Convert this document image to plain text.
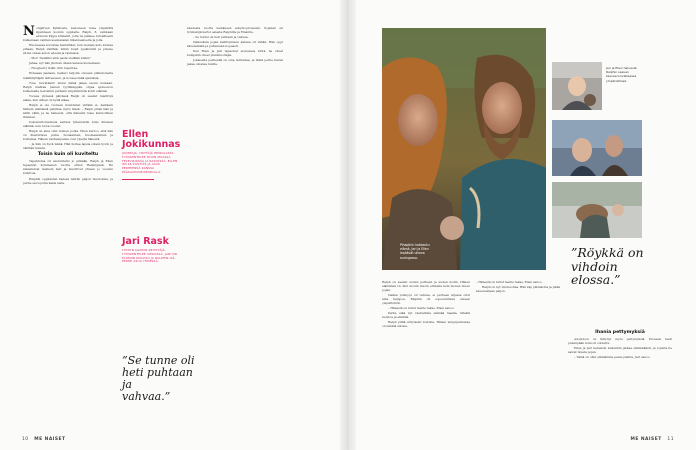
Norsjärven Kyläkoulu, kehoiseen tulee ympärillä sijainneen koulun oppilaita. Ralph, 8, vaikkaan elokuun Pippa kinnaliit, jotta ne pääsee turvallisesti kulkemaan vanhan asemanalan liikennealueita ja jolla.

Huoneessa korostaa henkiliiket, kun vieraan auto kuutaa pihaan. Ralph välittää, mihin kupit pysäköivät ja pitelee sitten oksaa auton edessä ja rauhassa.

– Moi! Tiedätkö sinä pasta vieläkin kiinni?

Jahaa, nyt hän jäi ihan ollaan kanssa kuulemaan.

– Huogkerry tiskit, lilin nuputtaa.

Hokaaaa jaanaan, kaikeri tarjolla olevaan pikkukoneita mallikäyttäjän laitteeseen, ja nousee lisää ajatuksia.

Tule, moratilani! mutei kämä jakaa suomi mukaan. Ralph mahtaa pienen tyylikkäppää, ohjaa ajoneuvon kulkemalla teetunnin peräisin ympäristöstä kohti elämää.

Tuossa yhdessä päivässä Ralph oli saanut mietittyä aikaa, kun siihen on kyllä aikaa.

Ralph ei ole vuoteen muuttanut yhtään ei, kaikkein tärkein elämässä pakittaa myös tässä: – Ralph pitää isän ja äidin väliä, ja he haluavat, että hänestä tulee kunnollinen ihminen.

Uskomattomuuksia sairaus lyhennetiin koko ihmisen elämää, kun tuota vuodet.

Ralph on aina ollut iloinen poika. Ellen kertoo, että hän on ihastuttava poika. Sosiaalinen, huomaavainen ja kohtelias. Hänen vanhempansa ovat ylpeitä hänestä.

– Ja hän on hyvä isänä. Hän hoitaa lapsia oikein hyvin ja välittää muista.

Toisin kuin oli kuviteltu

Tapahtuma oli suunniteltu jo pitkään. Ralph ja Ellen tapasivat kymmenen vuotta sitten Helsingissä. He rakastuivat melkein heti ja muuttivat yhteen jo vuoden kuluttua.

Ralphin oppilaiden kanssa tehtiin paljon muutoksia, ja perhe sai lopulta kaksi lasta.

Ellen Jokikunnas
JUONTAJA, YRITTÄJÄ HEINOLASTA. TYÖSKENTELEE MUUN MUASSA TELEVISIOSSA JA RADIOSSA. ELLEN ON 44-VUOTIAS JA ASUU PERHEENSÄ KANSSA PÄÄKAUPUNKISEUDULLA.
Jari Rask
LYHDYN KAUPAN KEHITTÄJÄ. TYÖSKENTELEE SIPOOSSA. JARI ON ELLENIN PUOLISO JA RALPHIN ISÄ. PERHE ASUU YHDESSÄ.

kaudesta vuotta kestäneen adoptioprosessin. Pojanan eli työntekijä kertoi asiasta Ralphille ja Ellenille.

– Se tuntui oli heti puhtaan ja vahvaa.

Vaikeuksia pojan kehittymisen kanssa oli vähän. Hän oppi kävelemään ja puhumaan nopeasti.

Kun Ellen ja Jari tapasivat elokuussa 2024, he olivat kumpikin olleet yksinhuoltajia.

Jokaisella perheellä on oma tarinansa, ja tämä perhe halusi jakaa omansa muille.

”Se tunne oli
heti puhtaan ja
vahvaa.”
10 ME NAISET
Pihapiirin kotiseutu elämä, Jari ja Ellen lepäävät ulkona auringossa.
Jari ja Ellen haluavat Ralphin saavan kasvaa turvallisessa ympäristössä.

Ralph on saanut uuden perheen ja uuden kodin. Hänen elämänsä on ollut monin tavoin erilaista kuin monen muun pojan.

Vaikka ystävyys oli vahvaa, ei perheen arjessa ollut aina helppoa. Ralphin oli sopeuduttava uuteen ympäristöön.

– Hänestä on tullut meille rakas, Ellen sanoo.

Perhe elää nyt rauhallista elämää maalla, lähellä luontoa ja eläimiä.

Ralph pitää erityisesti koirista. Hänen lempipuuhansa on leikkiä ulkona.

– Hänestä on tullut meille rakas, Ellen sanoo.

Ralph on nyt viisivuotias. Hän käy päiväkotia ja pitää kavereistaan paljon.

”Röykkä on vihdoin
elossa.”
Ihania pettymyksiä

Adoptioon on liittynyt myös pettymyksiä. Prosessi kesti pidempään kuin oli odotettu.

Ellen ja Jari halusivat kuitenkin jatkaa sinnikkäästi, ja lopulta he saivat tavata pojan.

– Tämä on ollut elämämme paras päätös, Jari sanoo.

ME NAISET 11
